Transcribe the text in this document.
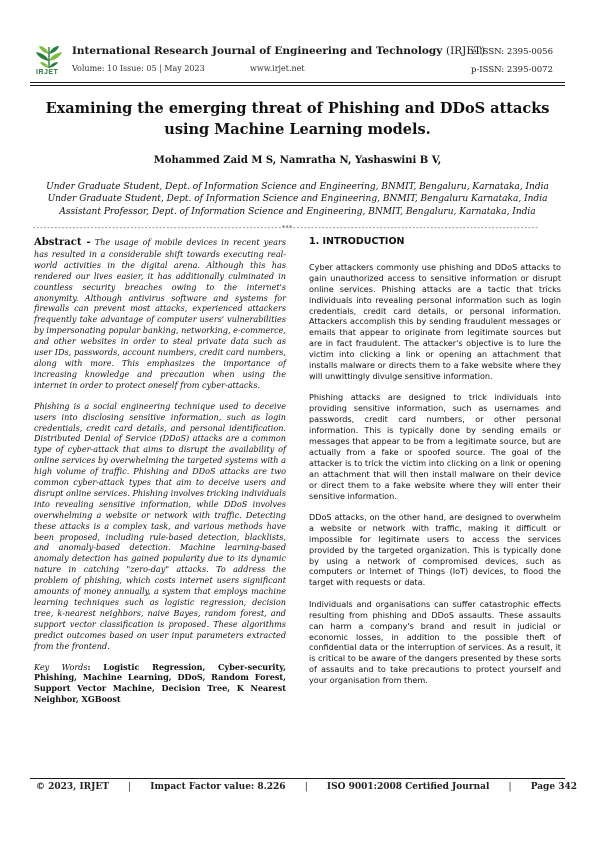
IRJET
International Research Journal of Engineering and Technology (IRJET)
Volume: 10 Issue: 05 | May 2023	www.irjet.net
e-ISSN: 2395-0056
p-ISSN: 2395-0072
Examining the emerging threat of Phishing and DDoS attacks using Machine Learning models.
Mohammed Zaid M S, Namratha N, Yashaswini B V,
Under Graduate Student, Dept. of Information Science and Engineering, BNMIT, Bengaluru, Karnataka, India
Under Graduate Student, Dept. of Information Science and Engineering, BNMIT, Bengaluru Karnataka, India
Assistant Professor, Dept. of Information Science and Engineering, BNMIT, Bengaluru, Karnataka, India
---------------------------------------------------------------------***--------------------------------------------------------------------

Abstract - The usage of mobile devices in recent years has resulted in a considerable shift towards executing real-world activities in the digital arena. Although this has rendered our lives easier, it has additionally culminated in countless security breaches owing to the internet's anonymity. Although antivirus software and systems for firewalls can prevent most attacks, experienced attackers frequently take advantage of computer users' vulnerabilities by impersonating popular banking, networking, e-commerce, and other websites in order to steal private data such as user IDs, passwords, account numbers, credit card numbers, along with more. This emphasizes the importance of increasing knowledge and precaution when using the internet in order to protect oneself from cyber-attacks.

Phishing is a social engineering technique used to deceive users into disclosing sensitive information, such as login credentials, credit card details, and personal identification. Distributed Denial of Service (DDoS) attacks are a common type of cyber-attack that aims to disrupt the availability of online services by overwhelming the targeted systems with a high volume of traffic. Phishing and DDoS attacks are two common cyber-attack types that aim to deceive users and disrupt online services. Phishing involves tricking individuals into revealing sensitive information, while DDoS involves overwhelming a website or network with traffic. Detecting these attacks is a complex task, and various methods have been proposed, including rule-based detection, blacklists, and anomaly-based detection. Machine learning-based anomaly detection has gained popularity due to its dynamic nature in catching "zero-day" attacks. To address the problem of phishing, which costs internet users significant amounts of money annually, a system that employs machine learning techniques such as logistic regression, decision tree, k-nearest neighbors, naive Bayes, random forest, and support vector classification is proposed. These algorithms predict outcomes based on user input parameters extracted from the frontend.

Key Words: Logistic Regression, Cyber-security, Phishing, Machine Learning, DDoS, Random Forest, Support Vector Machine, Decision Tree, K Nearest Neighbor, XGBoost
1. INTRODUCTION

Cyber attackers commonly use phishing and DDoS attacks to gain unauthorized access to sensitive information or disrupt online services. Phishing attacks are a tactic that tricks individuals into revealing personal information such as login credentials, credit card details, or personal information. Attackers accomplish this by sending fraudulent messages or emails that appear to originate from legitimate sources but are in fact fraudulent. The attacker's objective is to lure the victim into clicking a link or opening an attachment that installs malware or directs them to a fake website where they will unwittingly divulge sensitive information.

Phishing attacks are designed to trick individuals into providing sensitive information, such as usernames and passwords, credit card numbers, or other personal information. This is typically done by sending emails or messages that appear to be from a legitimate source, but are actually from a fake or spoofed source. The goal of the attacker is to trick the victim into clicking on a link or opening an attachment that will then install malware on their device or direct them to a fake website where they will enter their sensitive information.

DDoS attacks, on the other hand, are designed to overwhelm a website or network with traffic, making it difficult or impossible for legitimate users to access the services provided by the targeted organization. This is typically done by using a network of compromised devices, such as computers or Internet of Things (IoT) devices, to flood the target with requests or data.

Individuals and organisations can suffer catastrophic effects resulting from phishing and DDoS assaults. These assaults can harm a company's brand and result in judicial or economic losses, in addition to the possible theft of confidential data or the interruption of services. As a result, it is critical to be aware of the dangers presented by these sorts of assaults and to take precautions to protect yourself and your organisation from them.

© 2023, IRJET | Impact Factor value: 8.226 | ISO 9001:2008 Certified Journal | Page 342
